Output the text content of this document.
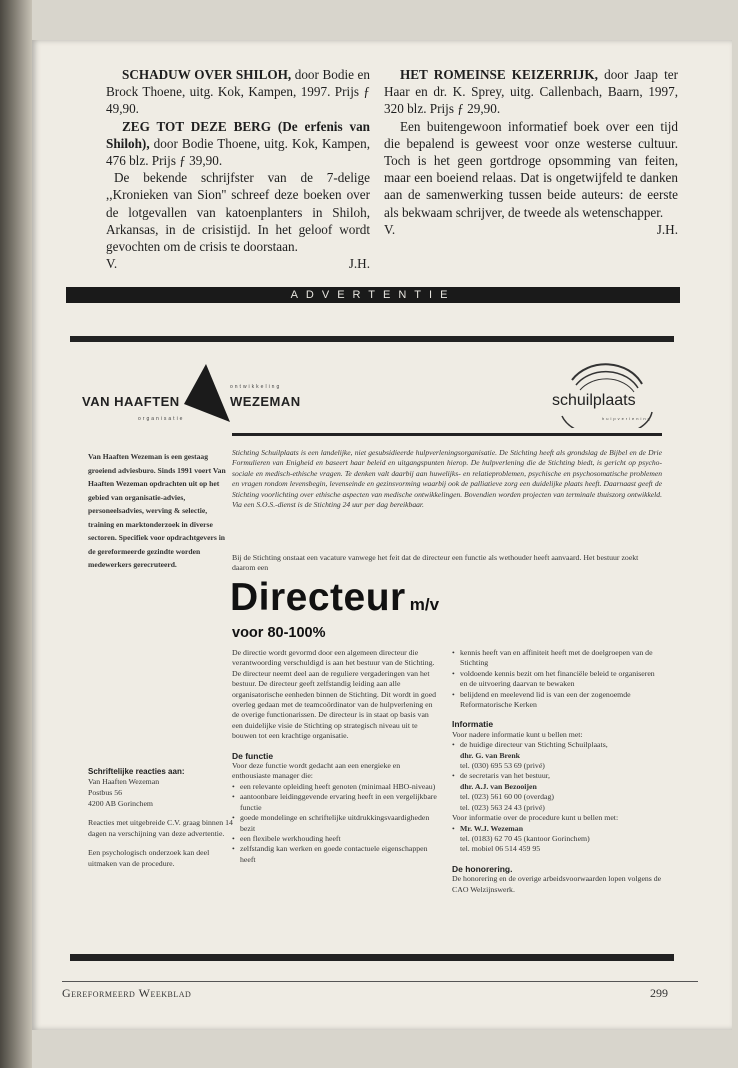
SCHADUW OVER SHILOH, door Bodie en Brock Thoene, uitg. Kok, Kampen, 1997. Prijs ƒ 49,90.

ZEG TOT DEZE BERG (De erfenis van Shiloh), door Bodie Thoene, uitg. Kok, Kampen, 476 blz. Prijs ƒ 39,90.

De bekende schrijfster van de 7-delige ,,Kronieken van Sion'' schreef deze boeken over de lotgevallen van katoenplanters in Shiloh, Arkansas, in de crisistijd. In het geloof wordt gevochten om de crisis te doorstaan.

V.	J.H.

HET ROMEINSE KEIZERRIJK, door Jaap ter Haar en dr. K. Sprey, uitg. Callenbach, Baarn, 1997, 320 blz. Prijs ƒ 29,90.

Een buitengewoon informatief boek over een tijd die bepalend is geweest voor onze westerse cultuur. Toch is het geen gortdroge opsomming van feiten, maar een boeiend relaas. Dat is ongetwijfeld te danken aan de samenwerking tussen beide auteurs: de eerste als bekwaam schrijver, de tweede als wetenschapper.

V.	J.H.
ADVERTENTIE
VAN HAAFTEN	WEZEMAN
ontwikkeling
organisatie
schuilplaats
hulpverlening
Van Haaften Wezeman is een gestaag groeiend adviesburo. Sinds 1991 voert Van Haaften Wezeman opdrachten uit op het gebied van organisatie-advies, personeelsadvies, werving & selectie, training en marktonderzoek in diverse sectoren. Specifiek voor opdrachtgevers in de gereformeerde gezindte worden medewerkers gerecruteerd.
Schriftelijke reacties aan:
Van Haaften Wezeman
Postbus 56
4200 AB Gorinchem
Reacties met uitgebreide C.V. graag binnen 14 dagen na verschijning van deze advertentie.
Een psychologisch onderzoek kan deel uitmaken van de procedure.
Stichting Schuilplaats is een landelijke, niet gesubsidieerde hulpverleningsorganisatie. De Stichting heeft als grondslag de Bijbel en de Drie Formulieren van Enigheid en baseert haar beleid en uitgangspunten hierop. De hulpverlening die de Stichting biedt, is gericht op psycho-sociale en medisch-ethische vragen. Te denken valt daarbij aan huwelijks- en relatieproblemen, psychische en psychosomatische problemen en vragen rondom levensbegin, levenseinde en gezinsvorming waarbij ook de palliatieve zorg een duidelijke plaats heeft. Daarnaast geeft de Stichting voorlichting over ethische aspecten van medische ontwikkelingen. Bovendien worden projecten van terminale thuiszorg ontwikkeld. Via een S.O.S.-dienst is de Stichting 24 uur per dag bereikbaar.
Bij de Stichting onstaat een vacature vanwege het feit dat de directeur een functie als wethouder heeft aanvaard. Het bestuur zoekt daarom een
Directeur m/v
voor 80-100%
De directie wordt gevormd door een algemeen directeur die verantwoording verschuldigd is aan het bestuur van de Stichting. De directeur neemt deel aan de reguliere vergaderingen van het bestuur. De directeur geeft zelfstandig leiding aan alle organisatorische eenheden binnen de Stichting. Dit wordt in goed overleg gedaan met de teamcoördinator van de hulpverlening en de overige functionarissen. De directeur is in staat op basis van een duidelijke visie de Stichting op strategisch niveau uit te bouwen tot een krachtige organisatie.
De functie
Voor deze functie wordt gedacht aan een energieke en enthousiaste manager die:
• een relevante opleiding heeft genoten (minimaal HBO-niveau)
• aantoonbare leidinggevende ervaring heeft in een vergelijkbare functie
• goede mondelinge en schriftelijke uitdrukkingsvaardigheden bezit
• een flexibele werkhouding heeft
• zelfstandig kan werken en goede contactuele eigenschappen heeft
• kennis heeft van en affiniteit heeft met de doelgroepen van de Stichting
• voldoende kennis bezit om het financiële beleid te organiseren en de uitvoering daarvan te bewaken
• belijdend en meelevend lid is van een der zogenoemde Reformatorische Kerken
Informatie
Voor nadere informatie kunt u bellen met:
• de huidige directeur van Stichting Schuilplaats,
dhr. G. van Brenk
tel. (030) 695 53 69 (privé)
• de secretaris van het bestuur,
dhr. A.J. van Bezooijen
tel. (023) 561 60 00 (overdag)
tel. (023) 563 24 43 (privé)
Voor informatie over de procedure kunt u bellen met:
• Mr. W.J. Wezeman
tel. (0183) 62 70 45 (kantoor Gorinchem)
tel. mobiel 06 514 459 95
De honorering.
De honorering en de overige arbeidsvoorwaarden lopen volgens de CAO Welzijnswerk.
Gereformeerd Weekblad	299
